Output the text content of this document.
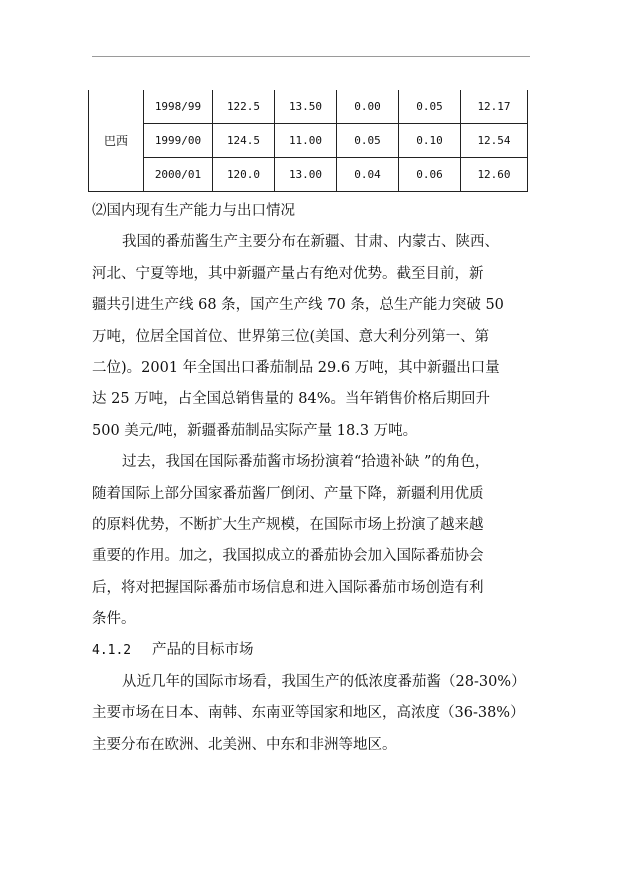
巴西	1998/99	122.5	13.50	0.00	0.05	12.17
	1999/00	124.5	11.00	0.05	0.10	12.54
	2000/01	120.0	13.00	0.04	0.06	12.60
⑵国内现有生产能力与出口情况
我国的番茄酱生产主要分布在新疆、甘肃、内蒙古、陕西、
河北、宁夏等地，其中新疆产量占有绝对优势。截至目前，新
疆共引进生产线 68 条，国产生产线 70 条，总生产能力突破 50
万吨，位居全国首位、世界第三位(美国、意大利分列第一、第
二位)。2001 年全国出口番茄制品 29.6 万吨，其中新疆出口量
达 25 万吨，占全国总销售量的 84%。当年销售价格后期回升
500 美元/吨，新疆番茄制品实际产量 18.3 万吨。
过去，我国在国际番茄酱市场扮演着“拾遗补缺 ”的角色，
随着国际上部分国家番茄酱厂倒闭、产量下降，新疆利用优质
的原料优势，不断扩大生产规模，在国际市场上扮演了越来越
重要的作用。加之，我国拟成立的番茄协会加入国际番茄协会
后，将对把握国际番茄市场信息和进入国际番茄市场创造有利
条件。
4.1.2 产品的目标市场
从近几年的国际市场看，我国生产的低浓度番茄酱（28-30%）
主要市场在日本、南韩、东南亚等国家和地区，高浓度（36-38%）
主要分布在欧洲、北美洲、中东和非洲等地区。
